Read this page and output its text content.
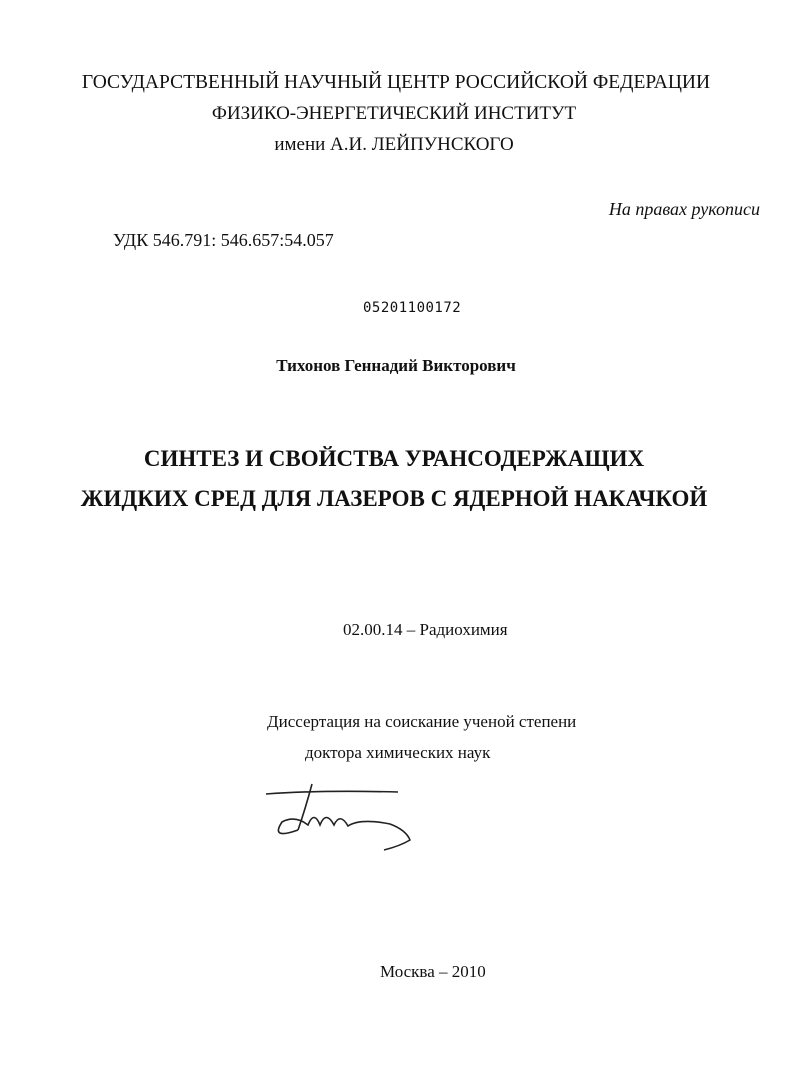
ГОСУДАРСТВЕННЫЙ НАУЧНЫЙ ЦЕНТР РОССИЙСКОЙ ФЕДЕРАЦИИ
ФИЗИКО-ЭНЕРГЕТИЧЕСКИЙ ИНСТИТУТ
имени А.И. ЛЕЙПУНСКОГО
На правах рукописи
УДК 546.791: 546.657:54.057
05201100172
Тихонов Геннадий Викторович
СИНТЕЗ И СВОЙСТВА УРАНСОДЕРЖАЩИХ
ЖИДКИХ СРЕД ДЛЯ ЛАЗЕРОВ С ЯДЕРНОЙ НАКАЧКОЙ
02.00.14 – Радиохимия
Диссертация на соискание ученой степени
доктора химических наук
Москва – 2010
